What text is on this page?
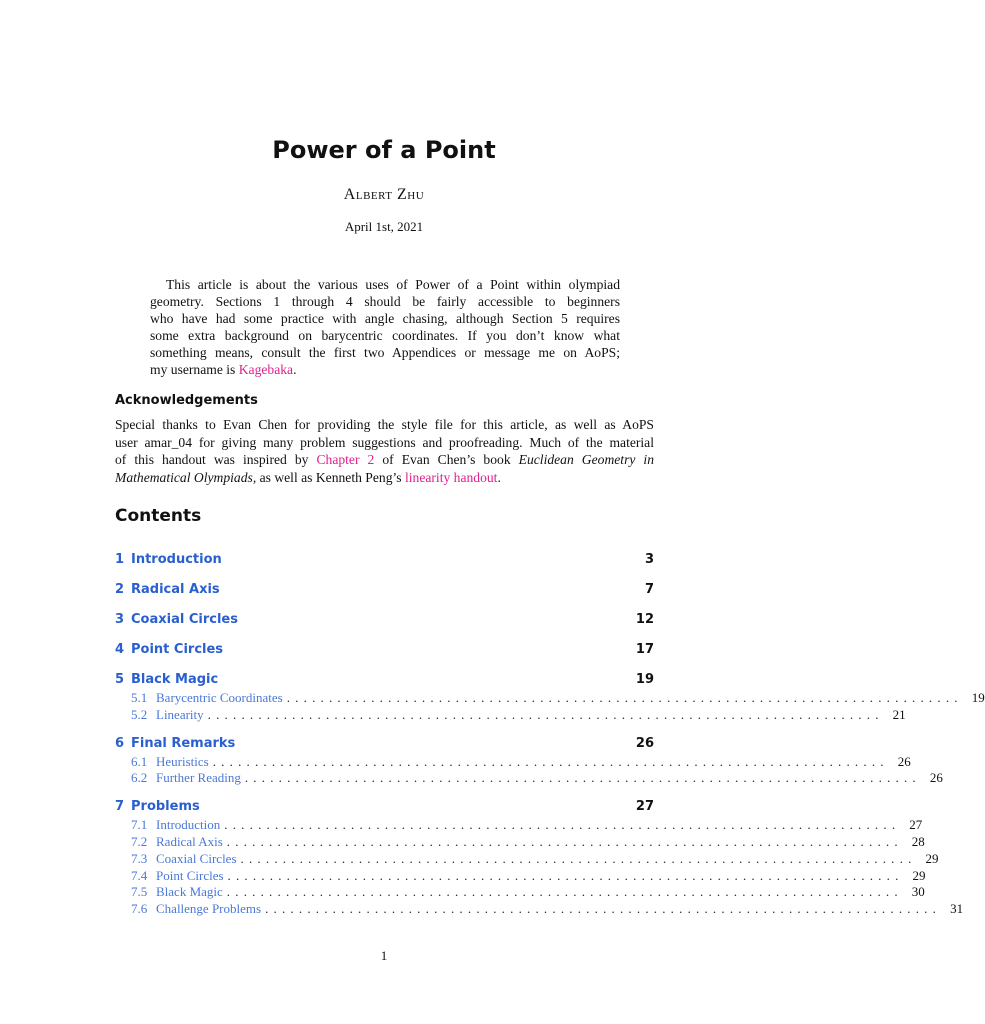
Power of a Point
Albert Zhu
April 1st, 2021
This article is about the various uses of Power of a Point within olympiad
geometry. Sections 1 through 4 should be fairly accessible to beginners
who have had some practice with angle chasing, although Section 5 requires
some extra background on barycentric coordinates. If you don’t know what
something means, consult the first two Appendices or message me on AoPS;
my username is Kagebaka.
Acknowledgements
Special thanks to Evan Chen for providing the style file for this article, as well as AoPS
user amar_04 for giving many problem suggestions and proofreading. Much of the material
of this handout was inspired by Chapter 2 of Evan Chen’s book Euclidean Geometry in
Mathematical Olympiads, as well as Kenneth Peng’s linearity handout.
Contents
1 Introduction	3
2 Radical Axis	7
3 Coaxial Circles	12
4 Point Circles	17
5 Black Magic	19
5.1 Barycentric Coordinates ................................................................................ 19
5.2 Linearity ................................................................................ 21
6 Final Remarks	26
6.1 Heuristics ................................................................................ 26
6.2 Further Reading ................................................................................ 26
7 Problems	27
7.1 Introduction ................................................................................ 27
7.2 Radical Axis ................................................................................ 28
7.3 Coaxial Circles ................................................................................ 29
7.4 Point Circles ................................................................................ 29
7.5 Black Magic ................................................................................ 30
7.6 Challenge Problems ................................................................................ 31
1
